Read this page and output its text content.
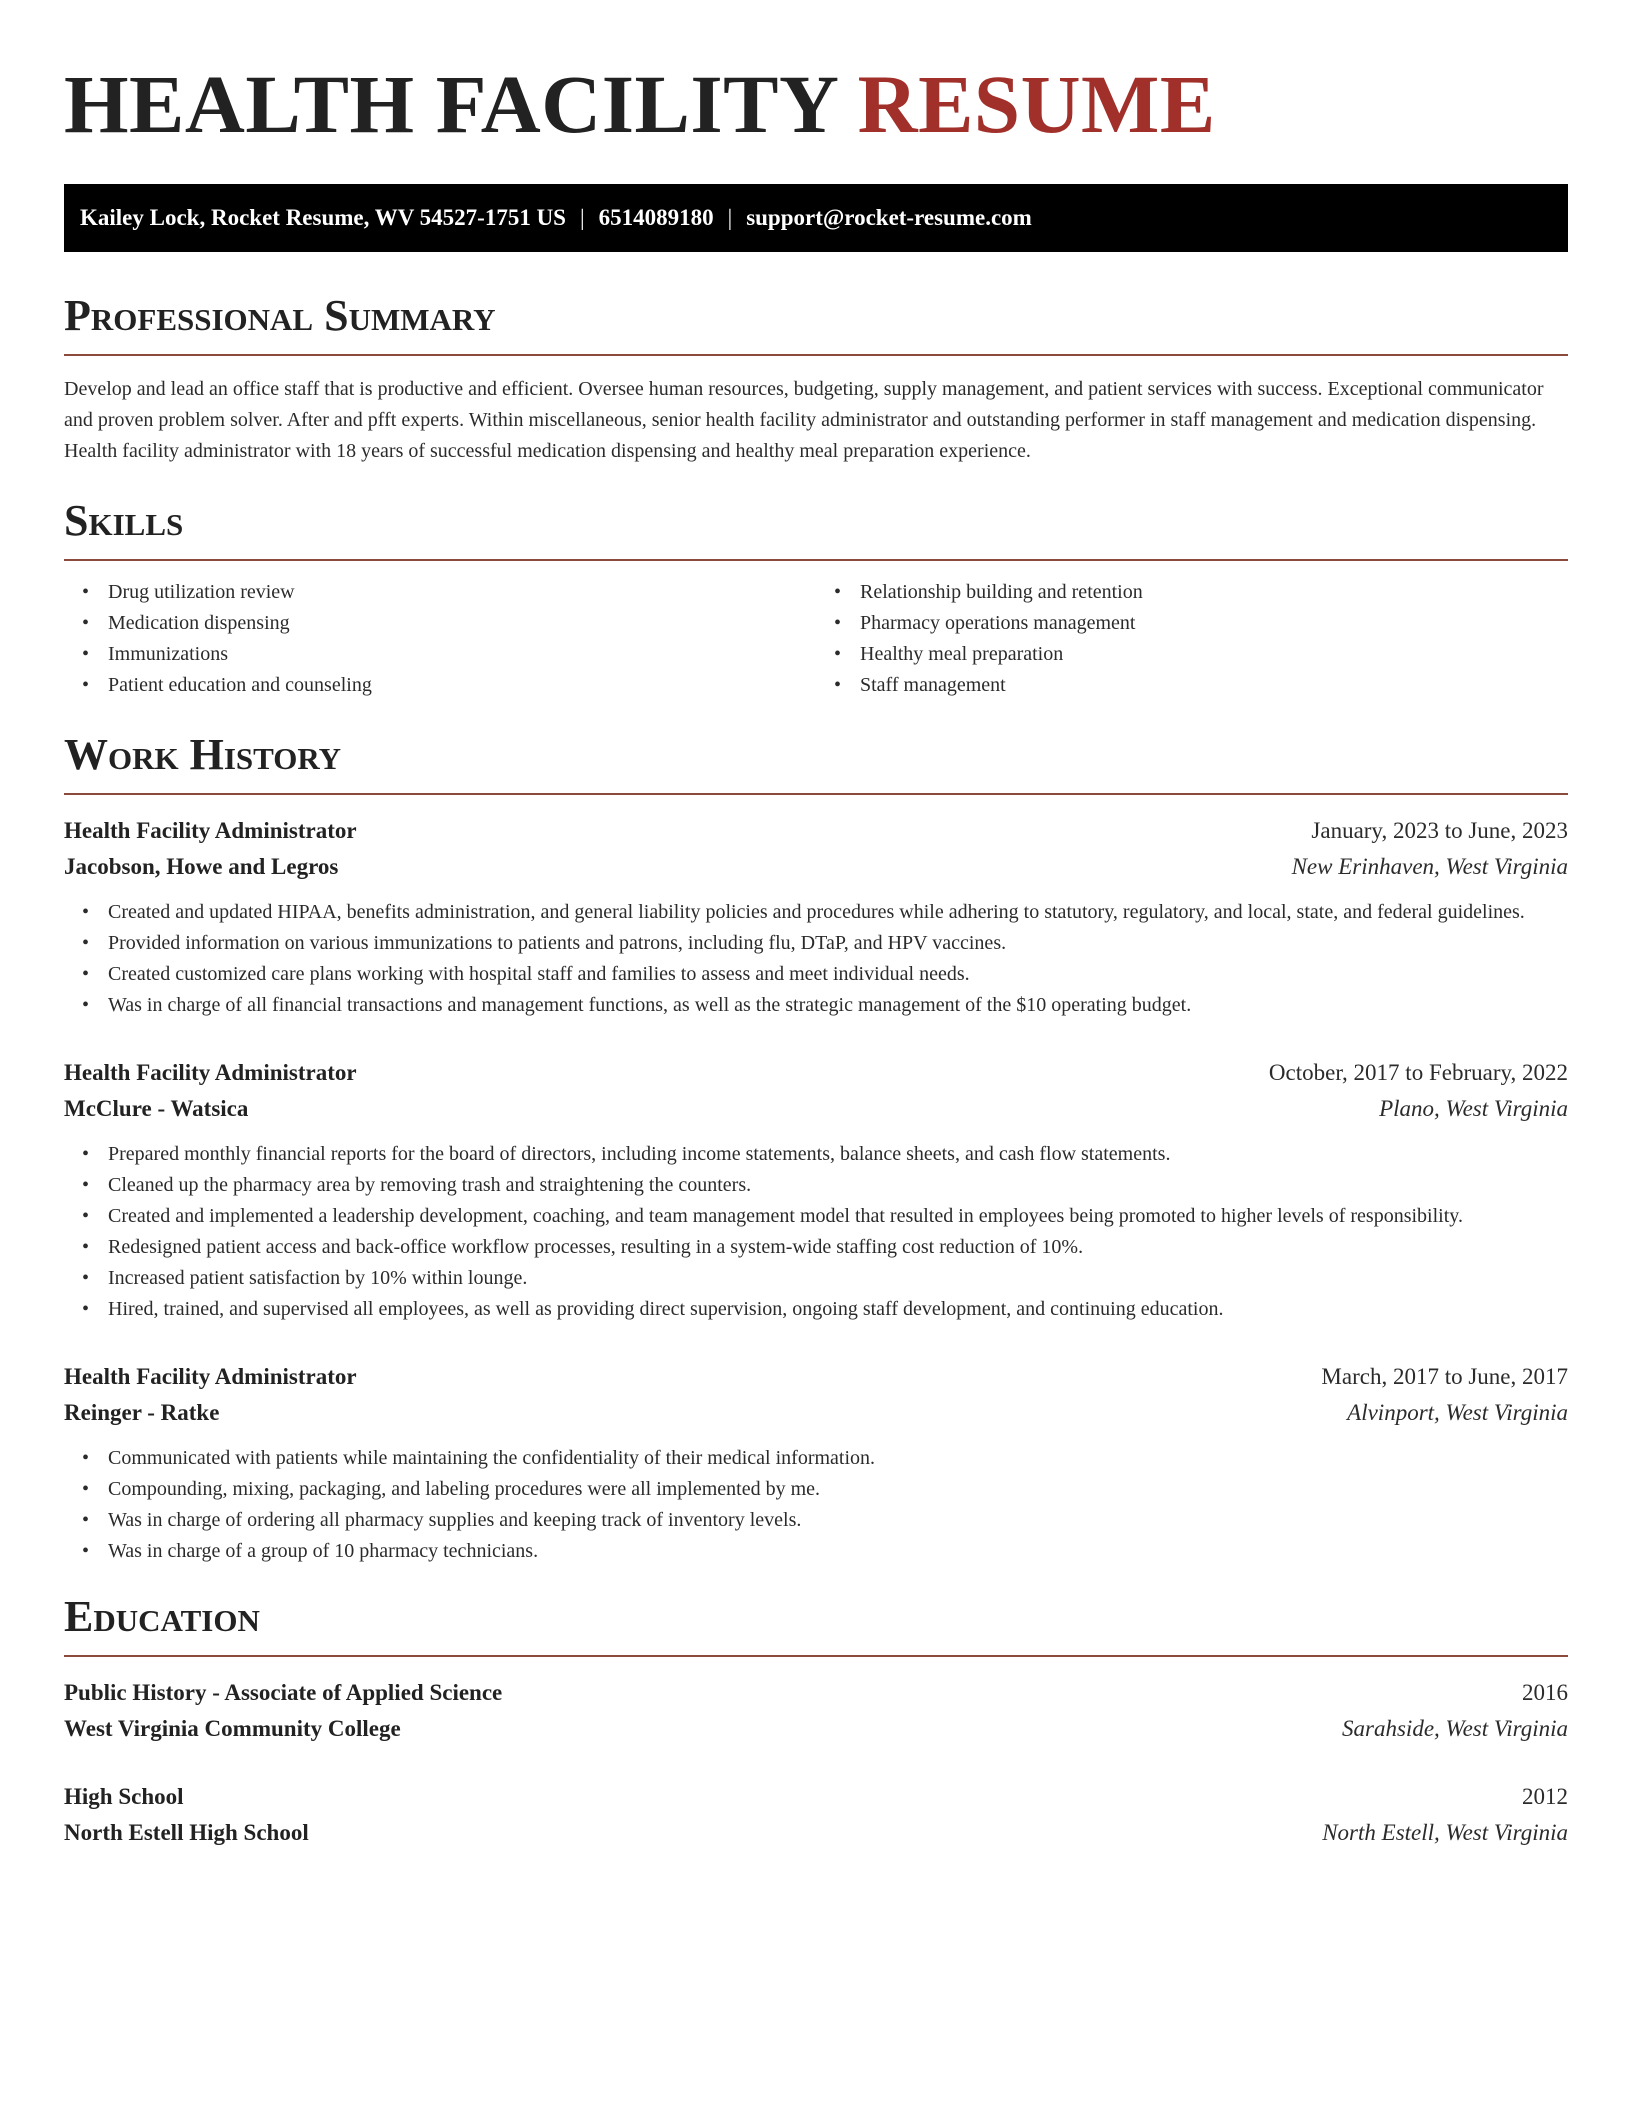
HEALTH FACILITY RESUME
Kailey Lock, Rocket Resume, WV 54527-1751 US | 6514089180 | support@rocket-resume.com
Professional Summary

Develop and lead an office staff that is productive and efficient. Oversee human resources, budgeting, supply management, and patient services with success. Exceptional communicator and proven problem solver. After and pfft experts. Within miscellaneous, senior health facility administrator and outstanding performer in staff management and medication dispensing. Health facility administrator with 18 years of successful medication dispensing and healthy meal preparation experience.

Skills
• Drug utilization review
• Medication dispensing
• Immunizations
• Patient education and counseling
• Relationship building and retention
• Pharmacy operations management
• Healthy meal preparation
• Staff management
Work History
Health Facility Administrator	January, 2023 to June, 2023
Jacobson, Howe and Legros	New Erinhaven, West Virginia
• Created and updated HIPAA, benefits administration, and general liability policies and procedures while adhering to statutory, regulatory, and local, state, and federal guidelines.
• Provided information on various immunizations to patients and patrons, including flu, DTaP, and HPV vaccines.
• Created customized care plans working with hospital staff and families to assess and meet individual needs.
• Was in charge of all financial transactions and management functions, as well as the strategic management of the $10 operating budget.
Health Facility Administrator	October, 2017 to February, 2022
McClure - Watsica	Plano, West Virginia
• Prepared monthly financial reports for the board of directors, including income statements, balance sheets, and cash flow statements.
• Cleaned up the pharmacy area by removing trash and straightening the counters.
• Created and implemented a leadership development, coaching, and team management model that resulted in employees being promoted to higher levels of responsibility.
• Redesigned patient access and back-office workflow processes, resulting in a system-wide staffing cost reduction of 10%.
• Increased patient satisfaction by 10% within lounge.
• Hired, trained, and supervised all employees, as well as providing direct supervision, ongoing staff development, and continuing education.
Health Facility Administrator	March, 2017 to June, 2017
Reinger - Ratke	Alvinport, West Virginia
• Communicated with patients while maintaining the confidentiality of their medical information.
• Compounding, mixing, packaging, and labeling procedures were all implemented by me.
• Was in charge of ordering all pharmacy supplies and keeping track of inventory levels.
• Was in charge of a group of 10 pharmacy technicians.
Education
Public History - Associate of Applied Science	2016
West Virginia Community College	Sarahside, West Virginia
High School	2012
North Estell High School	North Estell, West Virginia
